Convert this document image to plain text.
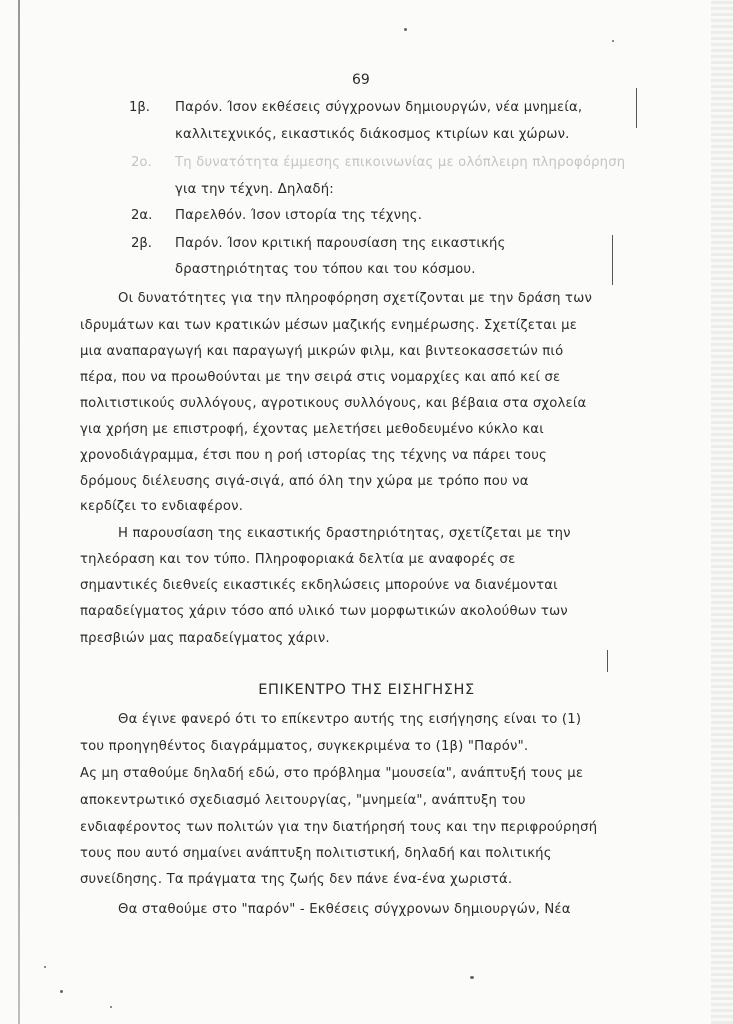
69
1β. Παρόν. Ίσον εκθέσεις σύγχρονων δημιουργών, νέα μνημεία,
καλλιτεχνικός, εικαστικός διάκοσμος κτιρίων και χώρων.
2ο. Τη δυνατότητα έμμεσης επικοινωνίας με ολόπλειρη πληροφόρηση
για την τέχνη. Δηλαδή:
2α. Παρελθόν. Ίσον ιστορία της τέχνης.
2β. Παρόν. Ίσον κριτική παρουσίαση της εικαστικής
δραστηριότητας του τόπου και του κόσμου.
Οι δυνατότητες για την πληροφόρηση σχετίζονται με την δράση των
ιδρυμάτων και των κρατικών μέσων μαζικής ενημέρωσης. Σχετίζεται με
μια αναπαραγωγή και παραγωγή μικρών φιλμ, και βιντεοκασσετών πιό
πέρα, που να προωθούνται με την σειρά στις νομαρχίες και από κεί σε
πολιτιστικούς συλλόγους, αγροτικους συλλόγους, και βέβαια στα σχολεία
για χρήση με επιστροφή, έχοντας μελετήσει μεθοδευμένο κύκλο και
χρονοδιάγραμμα, έτσι που η ροή ιστορίας της τέχνης να πάρει τους
δρόμους διέλευσης σιγά-σιγά, από όλη την χώρα με τρόπο που να
κερδίζει το ενδιαφέρον.
Η παρουσίαση της εικαστικής δραστηριότητας, σχετίζεται με την
τηλεόραση και τον τύπο. Πληροφοριακά δελτία με αναφορές σε
σημαντικές διεθνείς εικαστικές εκδηλώσεις μπορούνε να διανέμονται
παραδείγματος χάριν τόσο από υλικό των μορφωτικών ακολούθων των
πρεσβιών μας παραδείγματος χάριν.
ΕΠΙΚΕΝΤΡΟ ΤΗΣ ΕΙΣΗΓΗΣΗΣ
Θα έγινε φανερό ότι το επίκεντρο αυτής της εισήγησης είναι το (1)
του προηγηθέντος διαγράμματος, συγκεκριμένα το (1β) "Παρόν".
Ας μη σταθούμε δηλαδή εδώ, στο πρόβλημα "μουσεία", ανάπτυξή τους με
αποκεντρωτικό σχεδιασμό λειτουργίας, "μνημεία", ανάπτυξη του
ενδιαφέροντος των πολιτών για την διατήρησή τους και την περιφρούρησή
τους που αυτό σημαίνει ανάπτυξη πολιτιστική, δηλαδή και πολιτικής
συνείδησης. Τα πράγματα της ζωής δεν πάνε ένα-ένα χωριστά.
Θα σταθούμε στο "παρόν" - Εκθέσεις σύγχρονων δημιουργών, Νέα
